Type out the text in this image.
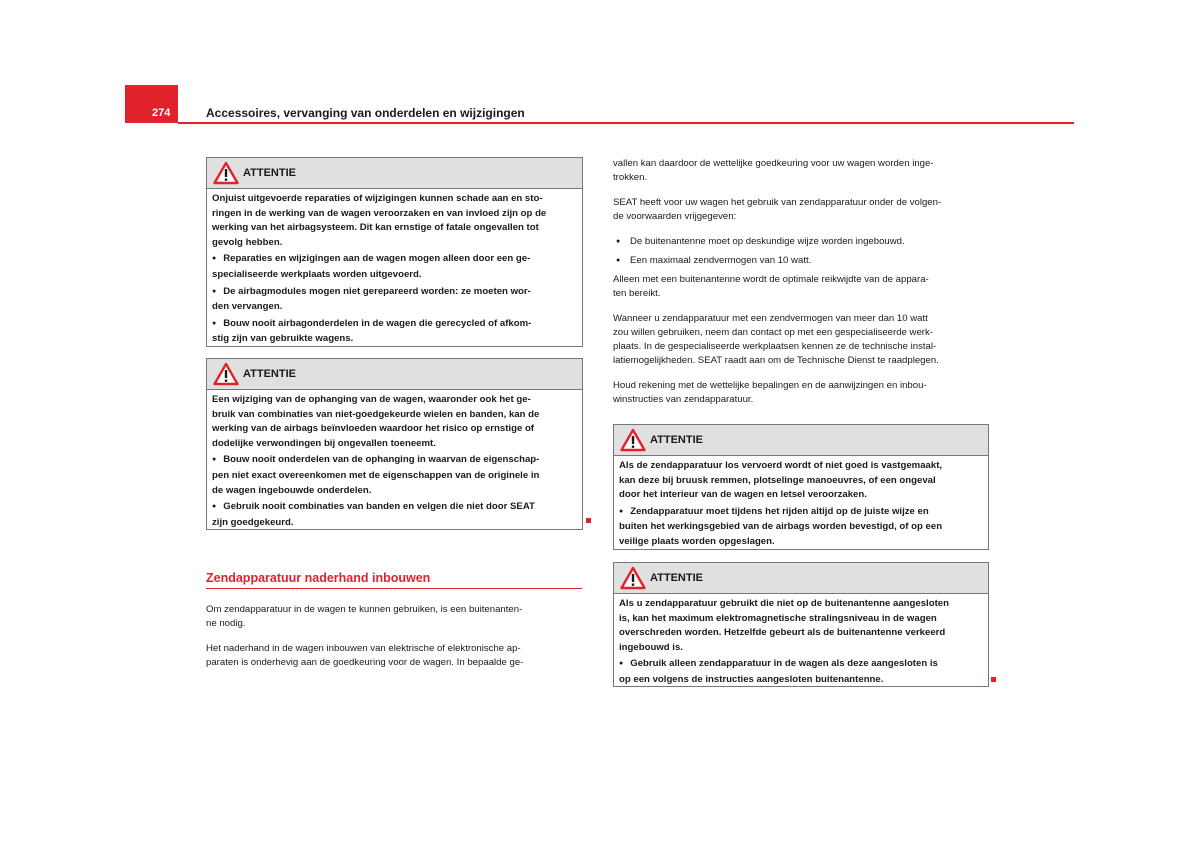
274	Accessoires, vervanging van onderdelen en wijzigingen
ATTENTIE

Onjuist uitgevoerde reparaties of wijzigingen kunnen schade aan en sto-
ringen in de werking van de wagen veroorzaken en van invloed zijn op de
werking van het airbagsysteem. Dit kan ernstige of fatale ongevallen tot
gevolg hebben.

● Reparaties en wijzigingen aan de wagen mogen alleen door een ge-
specialiseerde werkplaats worden uitgevoerd.

● De airbagmodules mogen niet gerepareerd worden: ze moeten wor-
den vervangen.

● Bouw nooit airbagonderdelen in de wagen die gerecycled of afkom-
stig zijn van gebruikte wagens.

ATTENTIE

Een wijziging van de ophanging van de wagen, waaronder ook het ge-
bruik van combinaties van niet-goedgekeurde wielen en banden, kan de
werking van de airbags beïnvloeden waardoor het risico op ernstige of
dodelijke verwondingen bij ongevallen toeneemt.

● Bouw nooit onderdelen van de ophanging in waarvan de eigenschap-
pen niet exact overeenkomen met de eigenschappen van de originele in
de wagen ingebouwde onderdelen.

● Gebruik nooit combinaties van banden en velgen die niet door SEAT
zijn goedgekeurd.

Zendapparatuur naderhand inbouwen

Om zendapparatuur in de wagen te kunnen gebruiken, is een buitenanten-
ne nodig.

Het naderhand in de wagen inbouwen van elektrische of elektronische ap-
paraten is onderhevig aan de goedkeuring voor de wagen. In bepaalde ge-

vallen kan daardoor de wettelijke goedkeuring voor uw wagen worden inge-
trokken.

SEAT heeft voor uw wagen het gebruik van zendapparatuur onder de volgen-
de voorwaarden vrijgegeven:

● De buitenantenne moet op deskundige wijze worden ingebouwd.
● Een maximaal zendvermogen van 10 watt.

Alleen met een buitenantenne wordt de optimale reikwijdte van de appara-
ten bereikt.

Wanneer u zendapparatuur met een zendvermogen van meer dan 10 watt
zou willen gebruiken, neem dan contact op met een gespecialiseerde werk-
plaats. In de gespecialiseerde werkplaatsen kennen ze de technische instal-
latiemogelijkheden. SEAT raadt aan om de Technische Dienst te raadplegen.

Houd rekening met de wettelijke bepalingen en de aanwijzingen en inbou-
winstructies van zendapparatuur.

ATTENTIE

Als de zendapparatuur los vervoerd wordt of niet goed is vastgemaakt,
kan deze bij bruusk remmen, plotselinge manoeuvres, of een ongeval
door het interieur van de wagen en letsel veroorzaken.

● Zendapparatuur moet tijdens het rijden altijd op de juiste wijze en
buiten het werkingsgebied van de airbags worden bevestigd, of op een
veilige plaats worden opgeslagen.

ATTENTIE

Als u zendapparatuur gebruikt die niet op de buitenantenne aangesloten
is, kan het maximum elektromagnetische stralingsniveau in de wagen
overschreden worden. Hetzelfde gebeurt als de buitenantenne verkeerd
ingebouwd is.

● Gebruik alleen zendapparatuur in de wagen als deze aangesloten is
op een volgens de instructies aangesloten buitenantenne.
